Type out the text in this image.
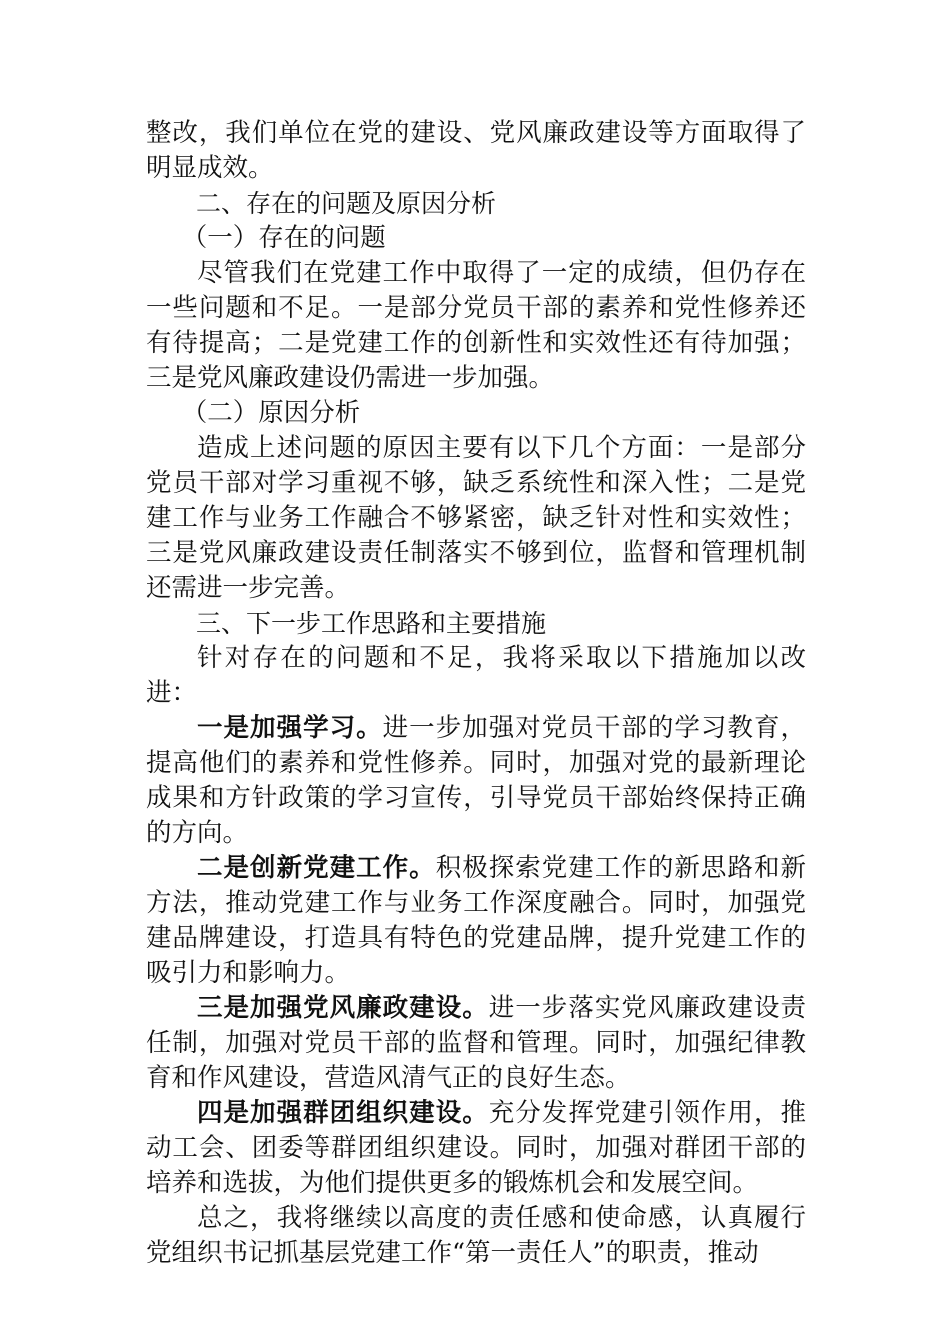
整改，我们单位在党的建设、党风廉政建设等方面取得了明显成效。

二、存在的问题及原因分析

（一）存在的问题

尽管我们在党建工作中取得了一定的成绩，但仍存在一些问题和不足。一是部分党员干部的素养和党性修养还有待提高；二是党建工作的创新性和实效性还有待加强；三是党风廉政建设仍需进一步加强。

（二）原因分析

造成上述问题的原因主要有以下几个方面：一是部分党员干部对学习重视不够，缺乏系统性和深入性；二是党建工作与业务工作融合不够紧密，缺乏针对性和实效性；三是党风廉政建设责任制落实不够到位，监督和管理机制还需进一步完善。

三、下一步工作思路和主要措施

针对存在的问题和不足，我将采取以下措施加以改进：

一是加强学习。进一步加强对党员干部的学习教育，提高他们的素养和党性修养。同时，加强对党的最新理论成果和方针政策的学习宣传，引导党员干部始终保持正确的方向。

二是创新党建工作。积极探索党建工作的新思路和新方法，推动党建工作与业务工作深度融合。同时，加强党建品牌建设，打造具有特色的党建品牌，提升党建工作的吸引力和影响力。

三是加强党风廉政建设。进一步落实党风廉政建设责任制，加强对党员干部的监督和管理。同时，加强纪律教育和作风建设，营造风清气正的良好生态。

四是加强群团组织建设。充分发挥党建引领作用，推动工会、团委等群团组织建设。同时，加强对群团干部的培养和选拔，为他们提供更多的锻炼机会和发展空间。

总之，我将继续以高度的责任感和使命感，认真履行党组织书记抓基层党建工作“第一责任人”的职责，推动
